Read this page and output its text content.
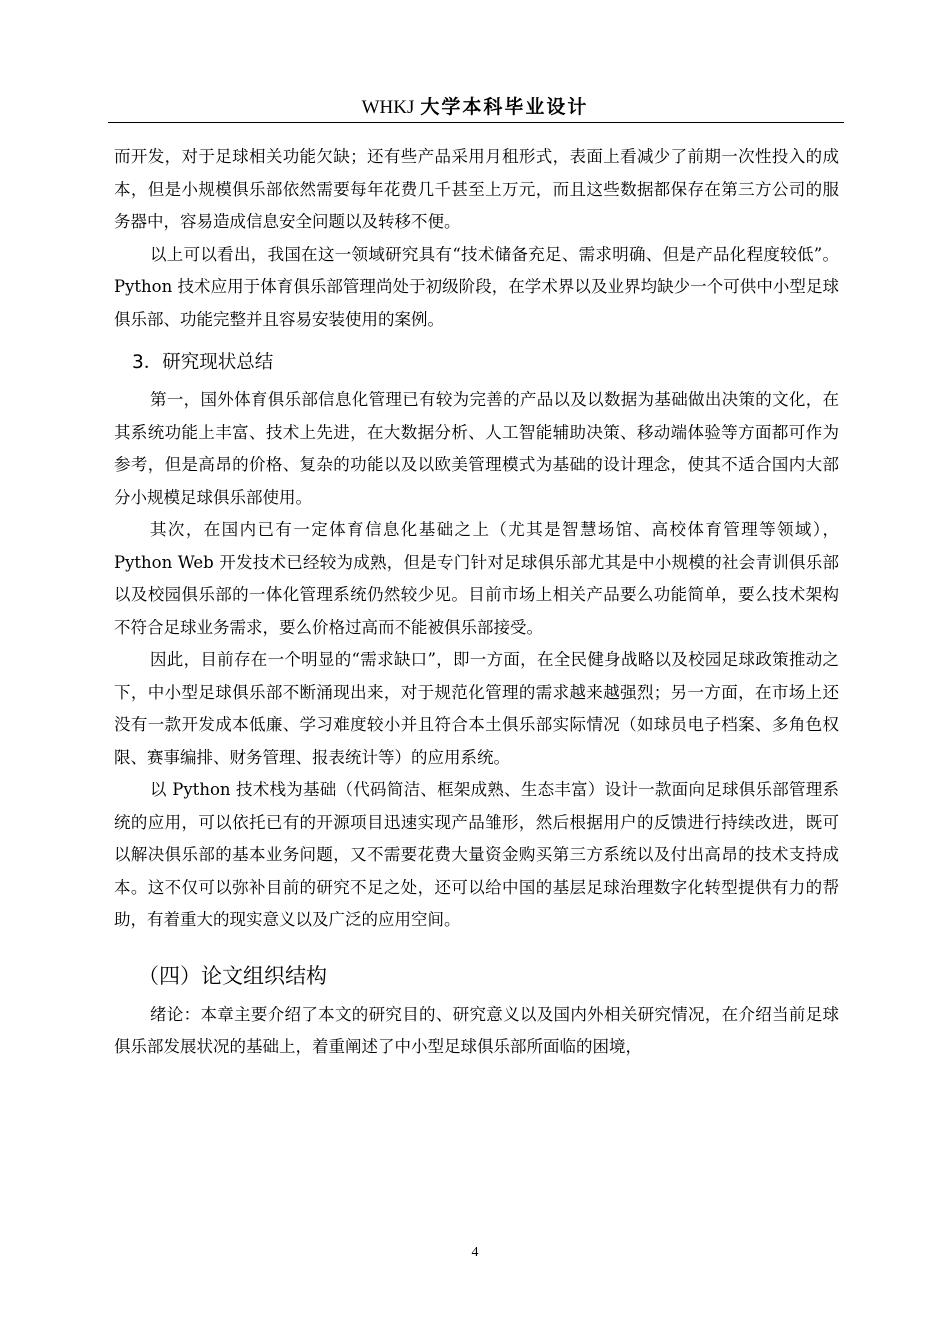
WHKJ 大学本科毕业设计

而开发，对于足球相关功能欠缺；还有些产品采用月租形式，表面上看减少了前期一次性投入的成本，但是小规模俱乐部依然需要每年花费几千甚至上万元，而且这些数据都保存在第三方公司的服务器中，容易造成信息安全问题以及转移不便。

以上可以看出，我国在这一领域研究具有“技术储备充足、需求明确、但是产品化程度较低”。Python 技术应用于体育俱乐部管理尚处于初级阶段，在学术界以及业界均缺少一个可供中小型足球俱乐部、功能完整并且容易安装使用的案例。

3．研究现状总结

第一，国外体育俱乐部信息化管理已有较为完善的产品以及以数据为基础做出决策的文化，在其系统功能上丰富、技术上先进，在大数据分析、人工智能辅助决策、移动端体验等方面都可作为参考，但是高昂的价格、复杂的功能以及以欧美管理模式为基础的设计理念，使其不适合国内大部分小规模足球俱乐部使用。

其次，在国内已有一定体育信息化基础之上（尤其是智慧场馆、高校体育管理等领域），Python Web 开发技术已经较为成熟，但是专门针对足球俱乐部尤其是中小规模的社会青训俱乐部以及校园俱乐部的一体化管理系统仍然较少见。目前市场上相关产品要么功能简单，要么技术架构不符合足球业务需求，要么价格过高而不能被俱乐部接受。

因此，目前存在一个明显的“需求缺口”，即一方面，在全民健身战略以及校园足球政策推动之下，中小型足球俱乐部不断涌现出来，对于规范化管理的需求越来越强烈；另一方面，在市场上还没有一款开发成本低廉、学习难度较小并且符合本土俱乐部实际情况（如球员电子档案、多角色权限、赛事编排、财务管理、报表统计等）的应用系统。

以 Python 技术栈为基础（代码简洁、框架成熟、生态丰富）设计一款面向足球俱乐部管理系统的应用，可以依托已有的开源项目迅速实现产品雏形，然后根据用户的反馈进行持续改进，既可以解决俱乐部的基本业务问题，又不需要花费大量资金购买第三方系统以及付出高昂的技术支持成本。这不仅可以弥补目前的研究不足之处，还可以给中国的基层足球治理数字化转型提供有力的帮助，有着重大的现实意义以及广泛的应用空间。

（四）论文组织结构

绪论：本章主要介绍了本文的研究目的、研究意义以及国内外相关研究情况，在介绍当前足球俱乐部发展状况的基础上，着重阐述了中小型足球俱乐部所面临的困境，

4
